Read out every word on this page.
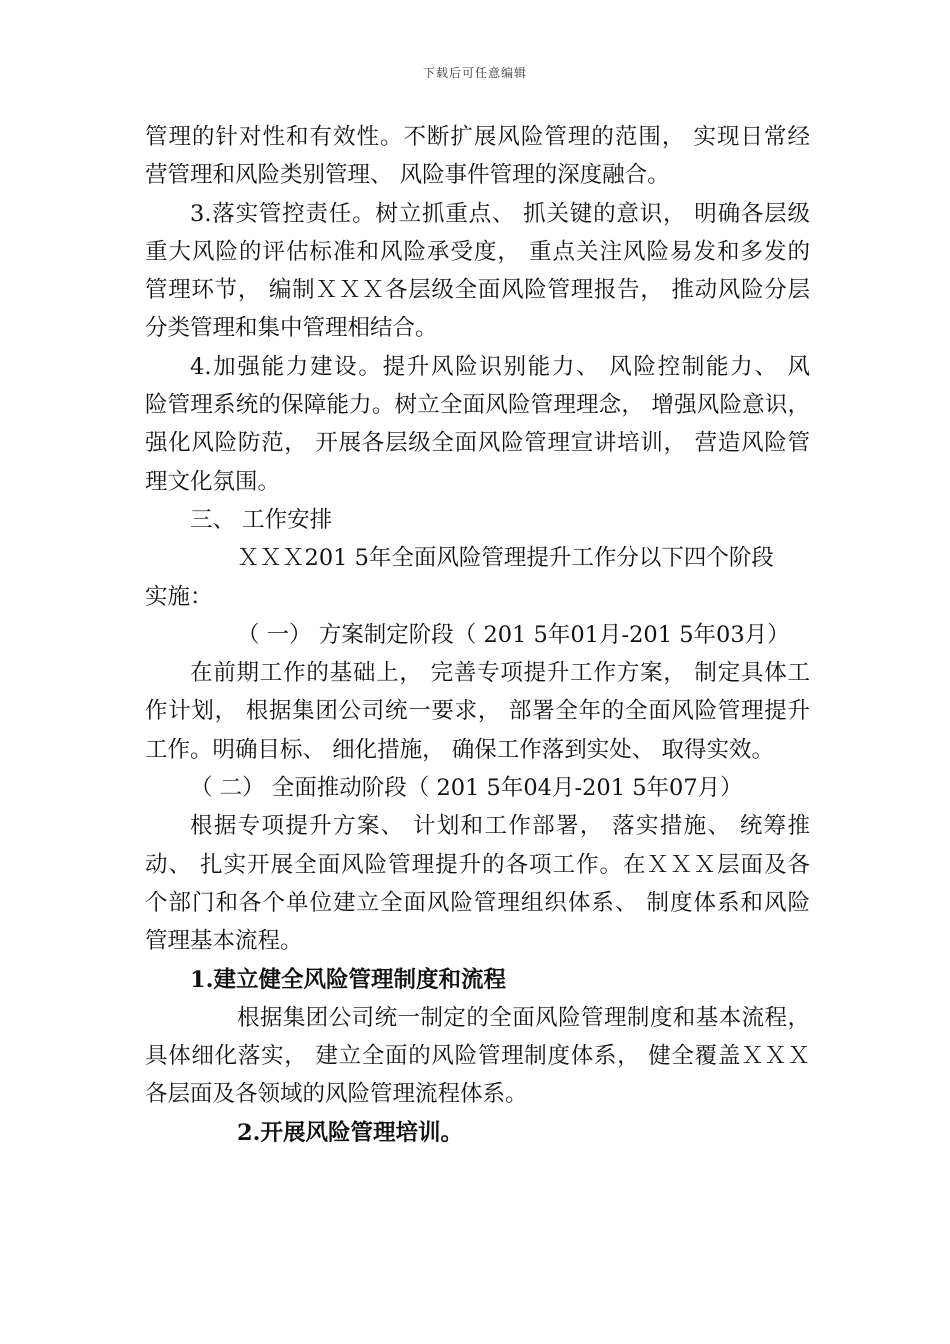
下载后可任意编辑
管理的针对性和有效性。不断扩展风险管理的范围， 实现日常经
营管理和风险类别管理、 风险事件管理的深度融合。
3.落实管控责任。树立抓重点、 抓关键的意识， 明确各层级
重大风险的评估标准和风险承受度， 重点关注风险易发和多发的
管理环节， 编制ＸＸＸ各层级全面风险管理报告， 推动风险分层
分类管理和集中管理相结合。
4.加强能力建设。提升风险识别能力、 风险控制能力、 风
险管理系统的保障能力。树立全面风险管理理念， 增强风险意识，
强化风险防范， 开展各层级全面风险管理宣讲培训， 营造风险管
理文化氛围。
三、 工作安排
ＸＸＸ201 5年全面风险管理提升工作分以下四个阶段
实施：
（ 一） 方案制定阶段（ 201 5年01月-201 5年03月）
在前期工作的基础上， 完善专项提升工作方案， 制定具体工
作计划， 根据集团公司统一要求， 部署全年的全面风险管理提升
工作。明确目标、 细化措施， 确保工作落到实处、 取得实效。
（ 二） 全面推动阶段（ 201 5年04月-201 5年07月）
根据专项提升方案、 计划和工作部署， 落实措施、 统筹推
动、 扎实开展全面风险管理提升的各项工作。在ＸＸＸ层面及各
个部门和各个单位建立全面风险管理组织体系、 制度体系和风险
管理基本流程。
1.建立健全风险管理制度和流程
根据集团公司统一制定的全面风险管理制度和基本流程，
具体细化落实， 建立全面的风险管理制度体系， 健全覆盖ＸＸＸ
各层面及各领域的风险管理流程体系。
2.开展风险管理培训。
